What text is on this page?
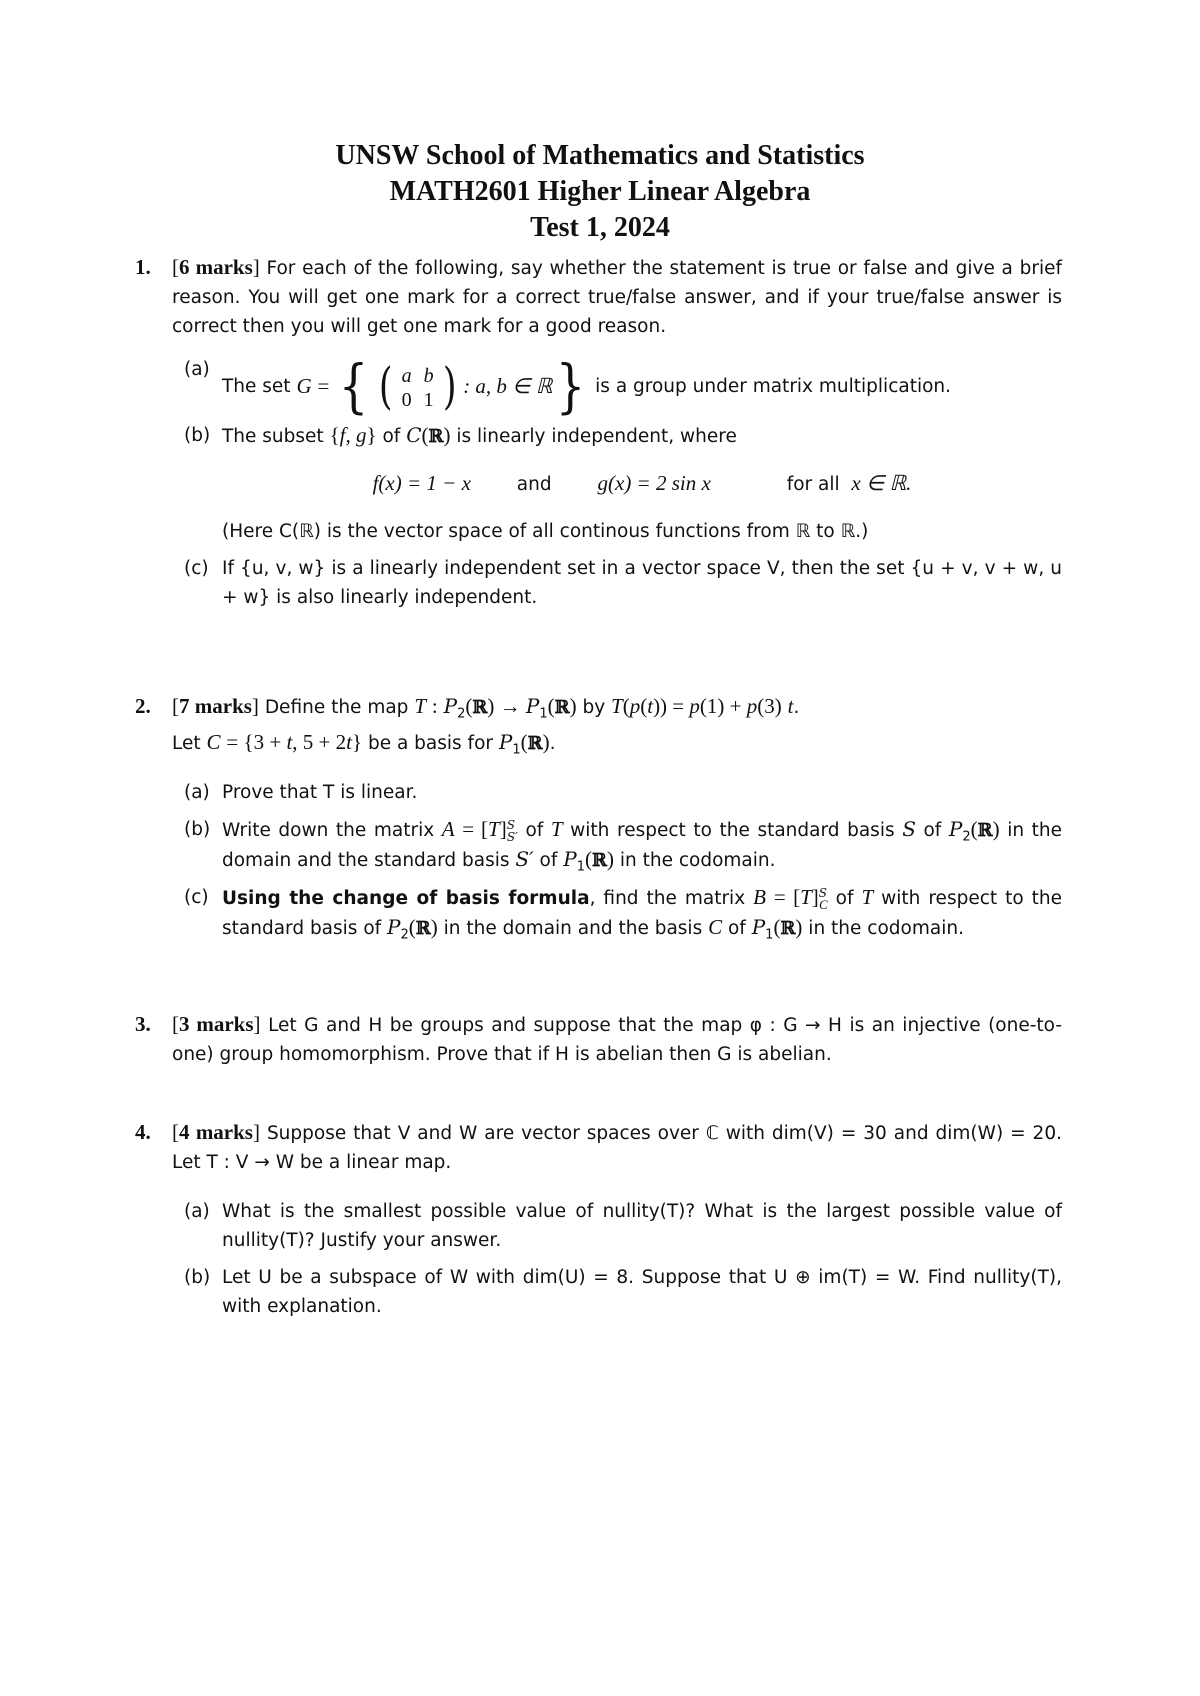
UNSW School of Mathematics and Statistics
MATH2601 Higher Linear Algebra
Test 1, 2024
1. [6 marks] For each of the following, say whether the statement is true or false and give a brief reason. You will get one mark for a correct true/false answer, and if your true/false answer is correct then you will get one mark for a good reason.
(a)
The set
G
=
{ ( a b
0 1 ) : a, b ∈ ℝ }
is a group under matrix multiplication.
(b) The subset {f, g} of C(ℝ) is linearly independent, where
f(x) = 1 − x and g(x) = 2 sin x	for all x ∈ ℝ.
(Here C(ℝ) is the vector space of all continous functions from ℝ to ℝ.)
(c) If {u, v, w} is a linearly independent set in a vector space V, then the set {u + v, v + w, u + w} is also linearly independent.
2. [7 marks] Define the map T : $P_2(ℝ)$ → $P_1(ℝ)$ by T(p(t)) = p(1) + p(3) t.
Let C = {3 + t, 5 + 2t} be a basis for $P_1(ℝ)$.
(a) Prove that T is linear.
(b) Write down the matrix $A = [T]^S_{S'}$ of T with respect to the standard basis S of $P_2(ℝ)$ in the domain and the standard basis S′ of $P_1(ℝ)$ in the codomain.
(c) Using the change of basis formula, find the matrix $B = [T]^S_C$ of T with respect to the standard basis of $P_2(ℝ)$ in the domain and the basis C of $P_1(ℝ)$ in the codomain.
3. [3 marks] Let G and H be groups and suppose that the map φ : G → H is an injective (one-to-one) group homomorphism. Prove that if H is abelian then G is abelian.
4. [4 marks] Suppose that V and W are vector spaces over ℂ with dim(V) = 30 and dim(W) = 20. Let T : V → W be a linear map.
(a) What is the smallest possible value of nullity(T)? What is the largest possible value of nullity(T)? Justify your answer.
(b) Let U be a subspace of W with dim(U) = 8. Suppose that U ⊕ im(T) = W. Find nullity(T), with explanation.
